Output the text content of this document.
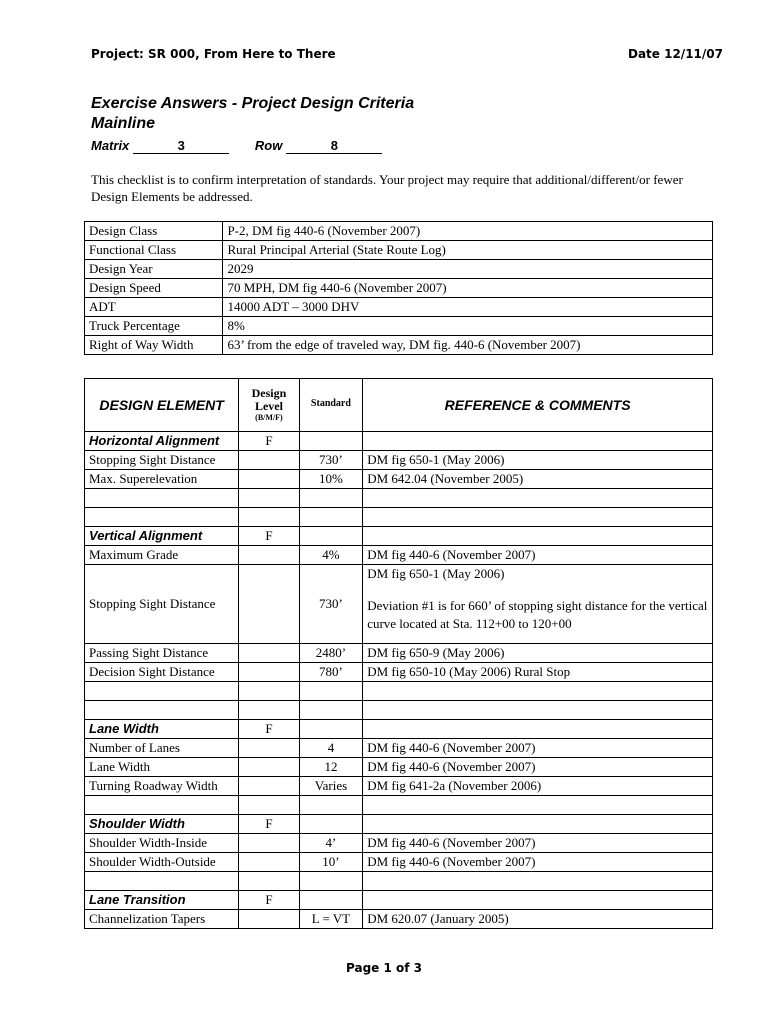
Project: SR 000, From Here to There	Date 12/11/07
Exercise Answers - Project Design Criteria
Mainline
Matrix	3	Row	8
This checklist is to confirm interpretation of standards. Your project may require that additional/different/or fewer Design Elements be addressed.
Design Class	P-2, DM fig 440-6 (November 2007)
Functional Class	Rural Principal Arterial (State Route Log)
Design Year	2029
Design Speed	70 MPH, DM fig 440-6 (November 2007)
ADT	14000 ADT – 3000 DHV
Truck Percentage	8%
Right of Way Width	63’ from the edge of traveled way, DM fig. 440-6 (November 2007)
DESIGN ELEMENT	Design
Level
(B/M/F)	Standard	REFERENCE & COMMENTS
Horizontal Alignment	F		
Stopping Sight Distance		730’	DM fig 650-1 (May 2006)
Max. Superelevation		10%	DM 642.04 (November 2005)

Vertical Alignment	F		
Maximum Grade		4%	DM fig 440-6 (November 2007)
Stopping Sight Distance		730’	DM fig 650-1 (May 2006)
Deviation #1 is for 660’ of stopping sight distance for the vertical curve located at Sta. 112+00 to 120+00

Passing Sight Distance		2480’	DM fig 650-9 (May 2006)
Decision Sight Distance		780’	DM fig 650-10 (May 2006) Rural Stop

Lane Width	F		
Number of Lanes		4	DM fig 440-6 (November 2007)
Lane Width		12	DM fig 440-6 (November 2007)
Turning Roadway Width		Varies	DM fig 641-2a (November 2006)

Shoulder Width	F		
Shoulder Width-Inside		4’	DM fig 440-6 (November 2007)
Shoulder Width-Outside		10’	DM fig 440-6 (November 2007)

Lane Transition	F		
Channelization Tapers		L = VT	DM 620.07 (January 2005)
Page 1 of 3
